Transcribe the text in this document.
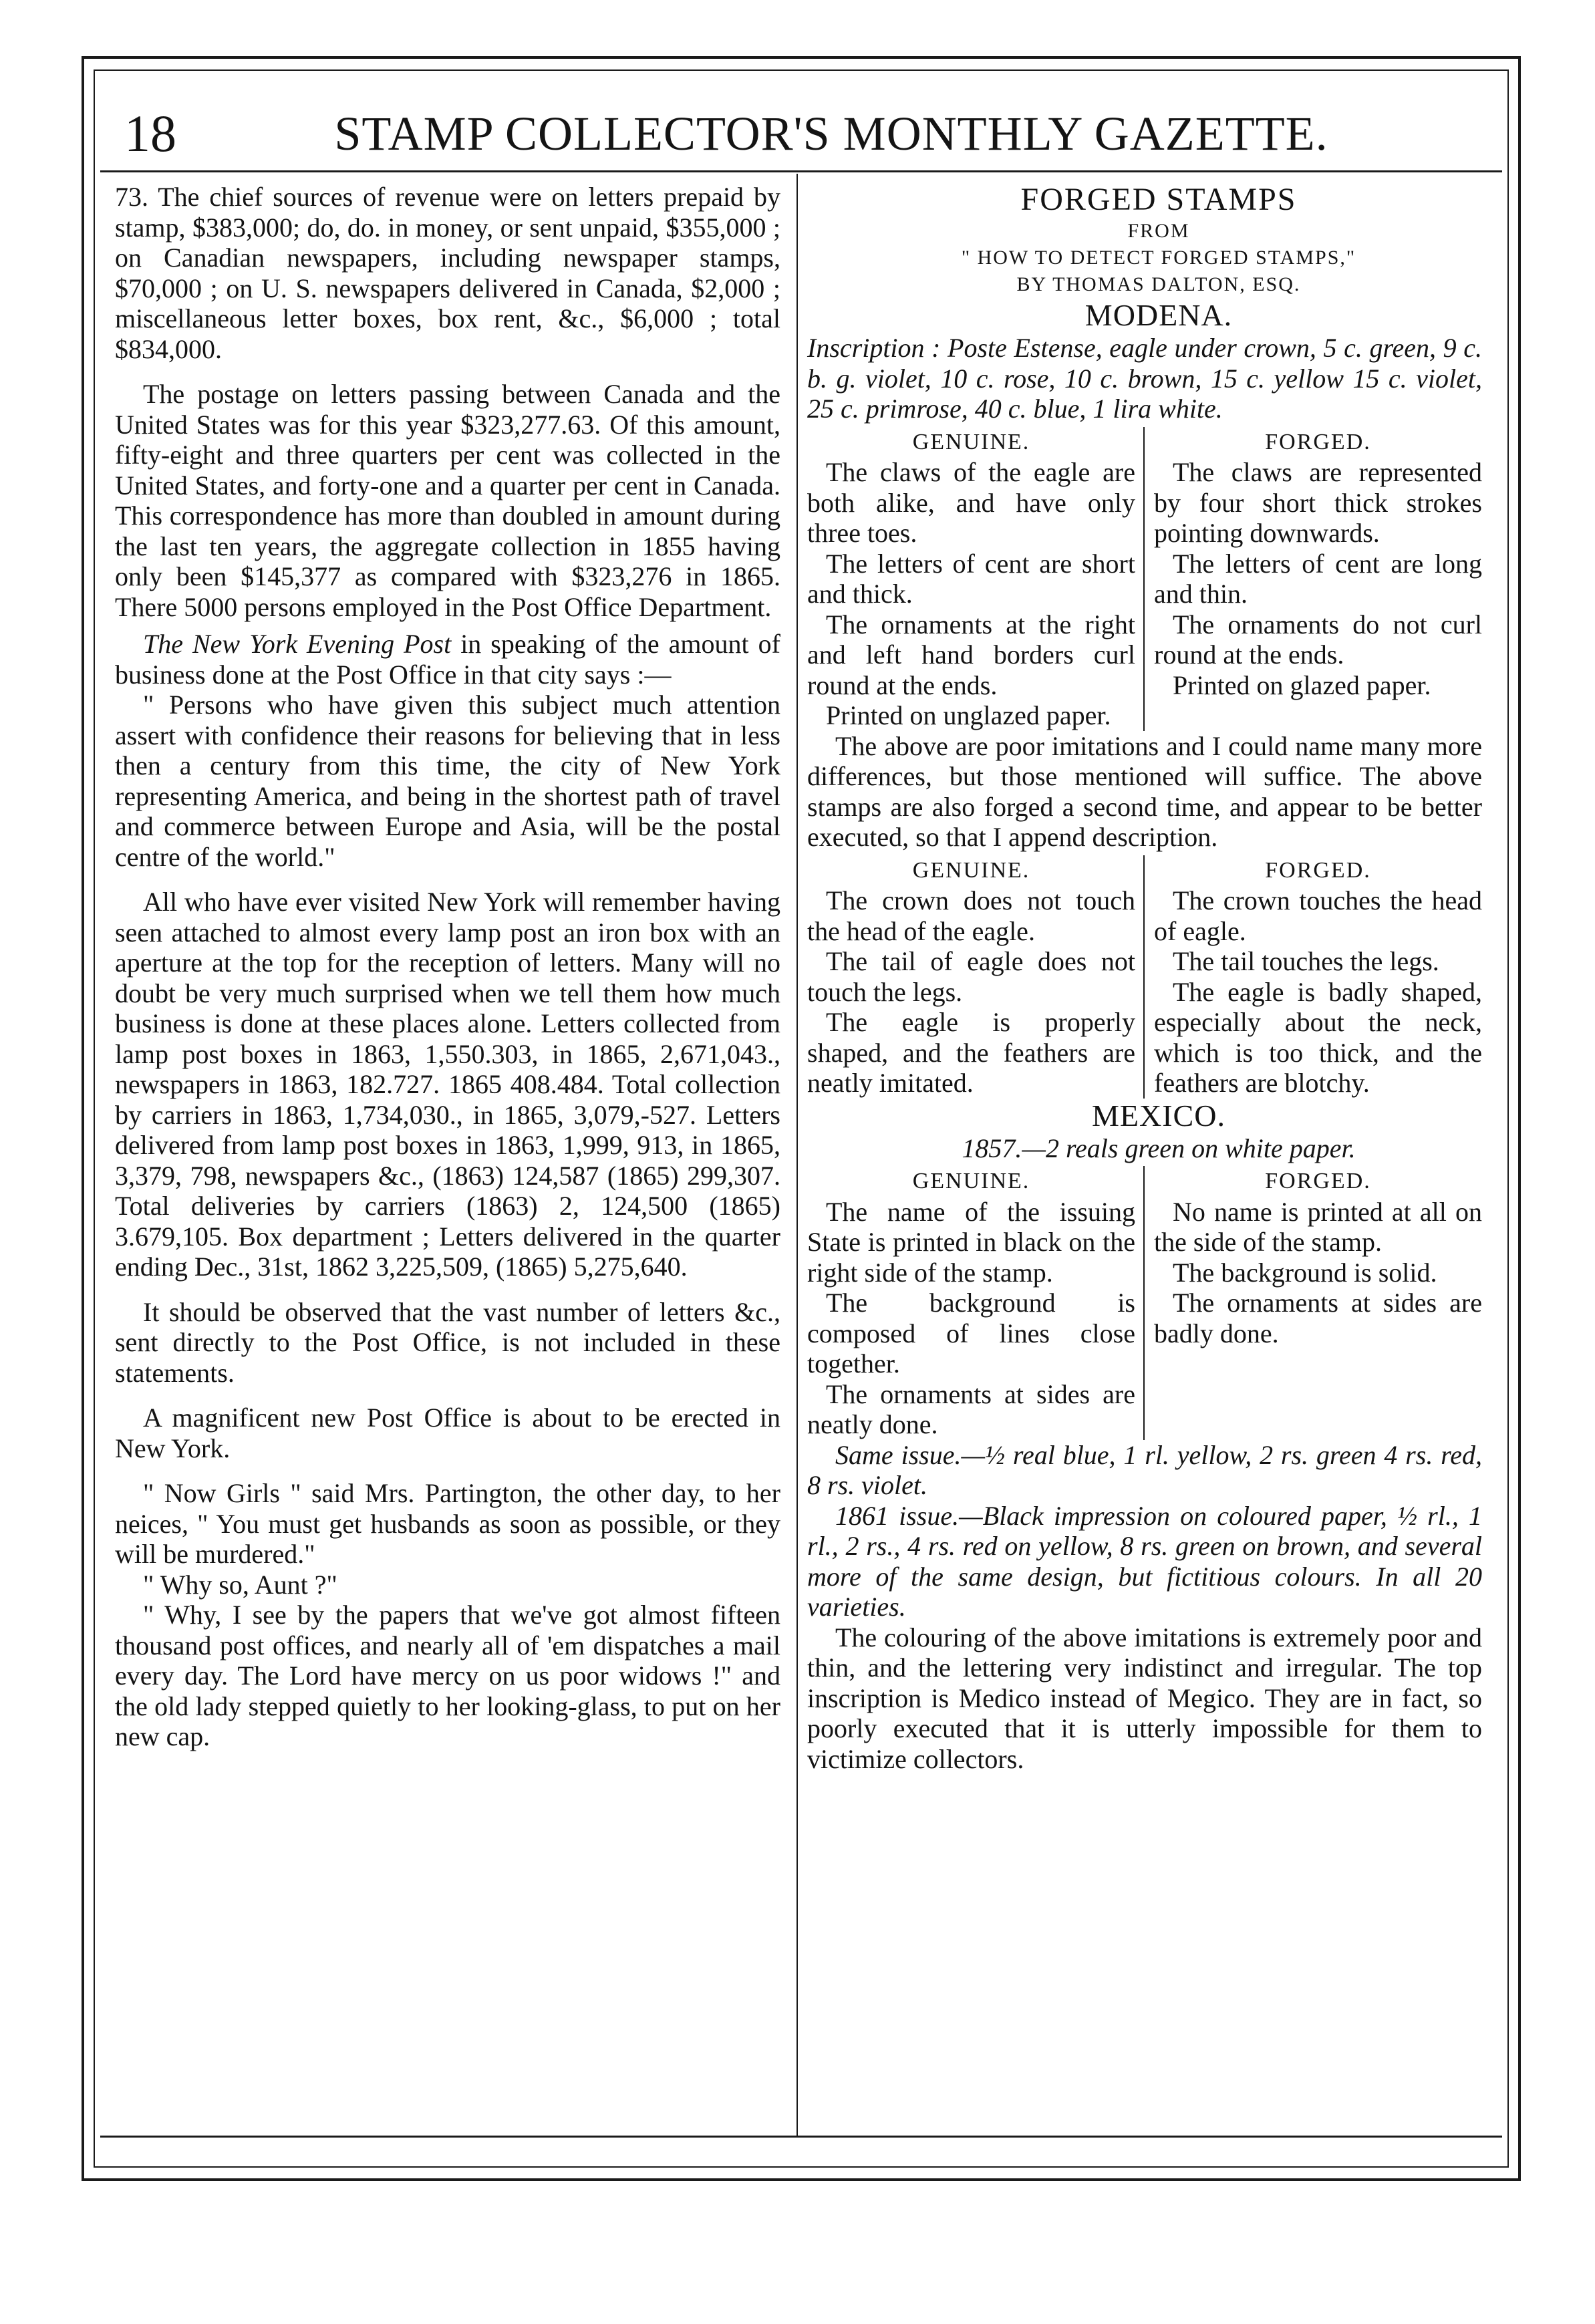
18	STAMP COLLECTOR'S MONTHLY GAZETTE.

73. The chief sources of revenue were on letters prepaid by stamp, $383,000; do, do. in money, or sent unpaid, $355,000 ; on Canadian newspapers, including newspaper stamps, $70,000 ; on U. S. newspapers delivered in Canada, $2,000 ; miscellaneous letter boxes, box rent, &c., $6,000 ; total $834,000.

The postage on letters passing between Canada and the United States was for this year $323,277.63. Of this amount, fifty-eight and three quarters per cent was collected in the United States, and forty-one and a quarter per cent in Canada. This correspondence has more than doubled in amount during the last ten years, the aggregate collection in 1855 having only been $145,377 as compared with $323,276 in 1865. There 5000 persons employed in the Post Office Department.

The New York Evening Post in speaking of the amount of business done at the Post Office in that city says :—

" Persons who have given this subject much attention assert with confidence their reasons for believing that in less then a century from this time, the city of New York representing America, and being in the shortest path of travel and commerce between Europe and Asia, will be the postal centre of the world."

All who have ever visited New York will remember having seen attached to almost every lamp post an iron box with an aperture at the top for the reception of letters. Many will no doubt be very much surprised when we tell them how much business is done at these places alone. Letters collected from lamp post boxes in 1863, 1,550.303, in 1865, 2,671,043., newspapers in 1863, 182.727. 1865 408.484. Total collection by carriers in 1863, 1,734,030., in 1865, 3,079,-527. Letters delivered from lamp post boxes in 1863, 1,999, 913, in 1865, 3,379, 798, newspapers &c., (1863) 124,587 (1865) 299,307. Total deliveries by carriers (1863) 2, 124,500 (1865) 3.679,105. Box department ; Letters delivered in the quarter ending Dec., 31st, 1862 3,225,509, (1865) 5,275,640.

It should be observed that the vast number of letters &c., sent directly to the Post Office, is not included in these statements.

A magnificent new Post Office is about to be erected in New York.

" Now Girls " said Mrs. Partington, the other day, to her neices, " You must get husbands as soon as possible, or they will be murdered."

" Why so, Aunt ?"

" Why, I see by the papers that we've got almost fifteen thousand post offices, and nearly all of 'em dispatches a mail every day. The Lord have mercy on us poor widows !" and the old lady stepped quietly to her looking-glass, to put on her new cap.

FORGED STAMPS

FROM

" HOW TO DETECT FORGED STAMPS,"

BY THOMAS DALTON, ESQ.

MODENA.

Inscription : Poste Estense, eagle under crown, 5 c. green, 9 c. b. g. violet, 10 c. rose, 10 c. brown, 15 c. yellow 15 c. violet, 25 c. primrose, 40 c. blue, 1 lira white.

GENUINE.

The claws of the eagle are both alike, and have only three toes.

The letters of cent are short and thick.

The ornaments at the right and left hand borders curl round at the ends.

Printed on unglazed paper.

FORGED.

The claws are represented by four short thick strokes pointing downwards.

The letters of cent are long and thin.

The ornaments do not curl round at the ends.

Printed on glazed paper.

The above are poor imitations and I could name many more differences, but those mentioned will suffice. The above stamps are also forged a second time, and appear to be better executed, so that I append description.

GENUINE.

The crown does not touch the head of the eagle.

The tail of eagle does not touch the legs.

The eagle is properly shaped, and the feathers are neatly imitated.

FORGED.

The crown touches the head of eagle.

The tail touches the legs.

The eagle is badly shaped, especially about the neck, which is too thick, and the feathers are blotchy.

MEXICO.

1857.—2 reals green on white paper.

GENUINE.

The name of the issuing State is printed in black on the right side of the stamp.

The background is composed of lines close together.

The ornaments at sides are neatly done.

FORGED.

No name is printed at all on the side of the stamp.

The background is solid.

The ornaments at sides are badly done.

Same issue.—½ real blue, 1 rl. yellow, 2 rs. green 4 rs. red, 8 rs. violet.

1861 issue.—Black impression on coloured paper, ½ rl., 1 rl., 2 rs., 4 rs. red on yellow, 8 rs. green on brown, and several more of the same design, but fictitious colours. In all 20 varieties.

The colouring of the above imitations is extremely poor and thin, and the lettering very indistinct and irregular. The top inscription is Medico instead of Megico. They are in fact, so poorly executed that it is utterly impossible for them to victimize collectors.
